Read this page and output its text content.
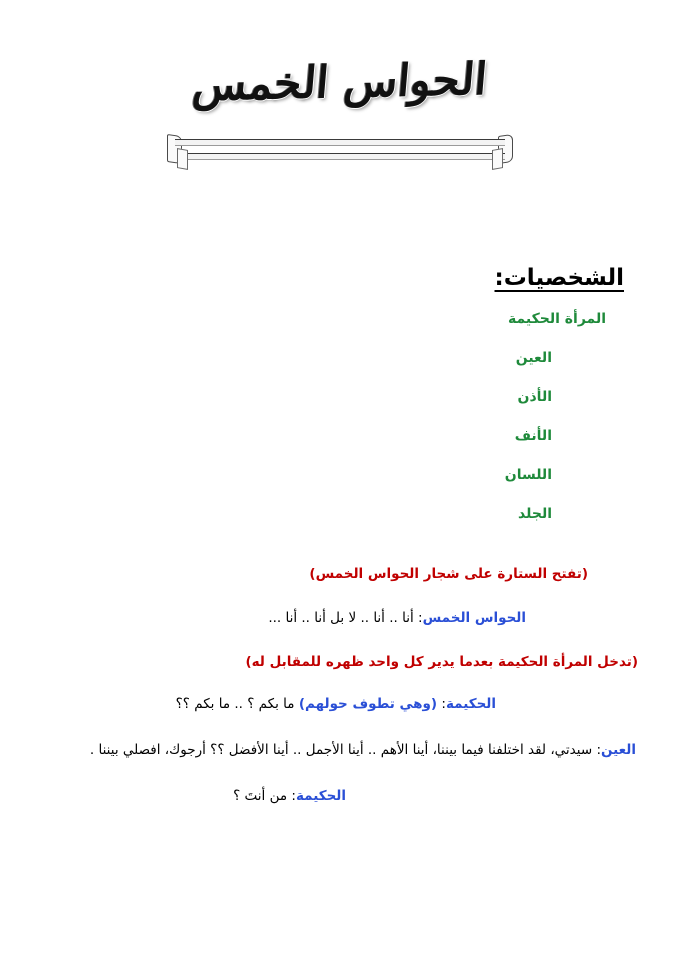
الحواس الخمس
الشخصيات:
المرأة الحكيمة
العين
الأذن
الأنف
اللسان
الجلد

(تفتح الستارة على شجار الحواس الخمس)

الحواس الخمس: أنا .. أنا .. لا بل أنا .. أنا ...

(تدخل المرأة الحكيمة بعدما يدير كل واحد ظهره للمقابل له)

الحكيمة: (وهي تطوف حولهم) ما بكم ؟ .. ما بكم ؟؟

العين: سيدتي، لقد اختلفنا فيما بيننا، أينا الأهم .. أينا الأجمل .. أينا الأفضل ؟؟ أرجوك، افصلي بيننا .

الحكيمة: من أنتَ ؟
